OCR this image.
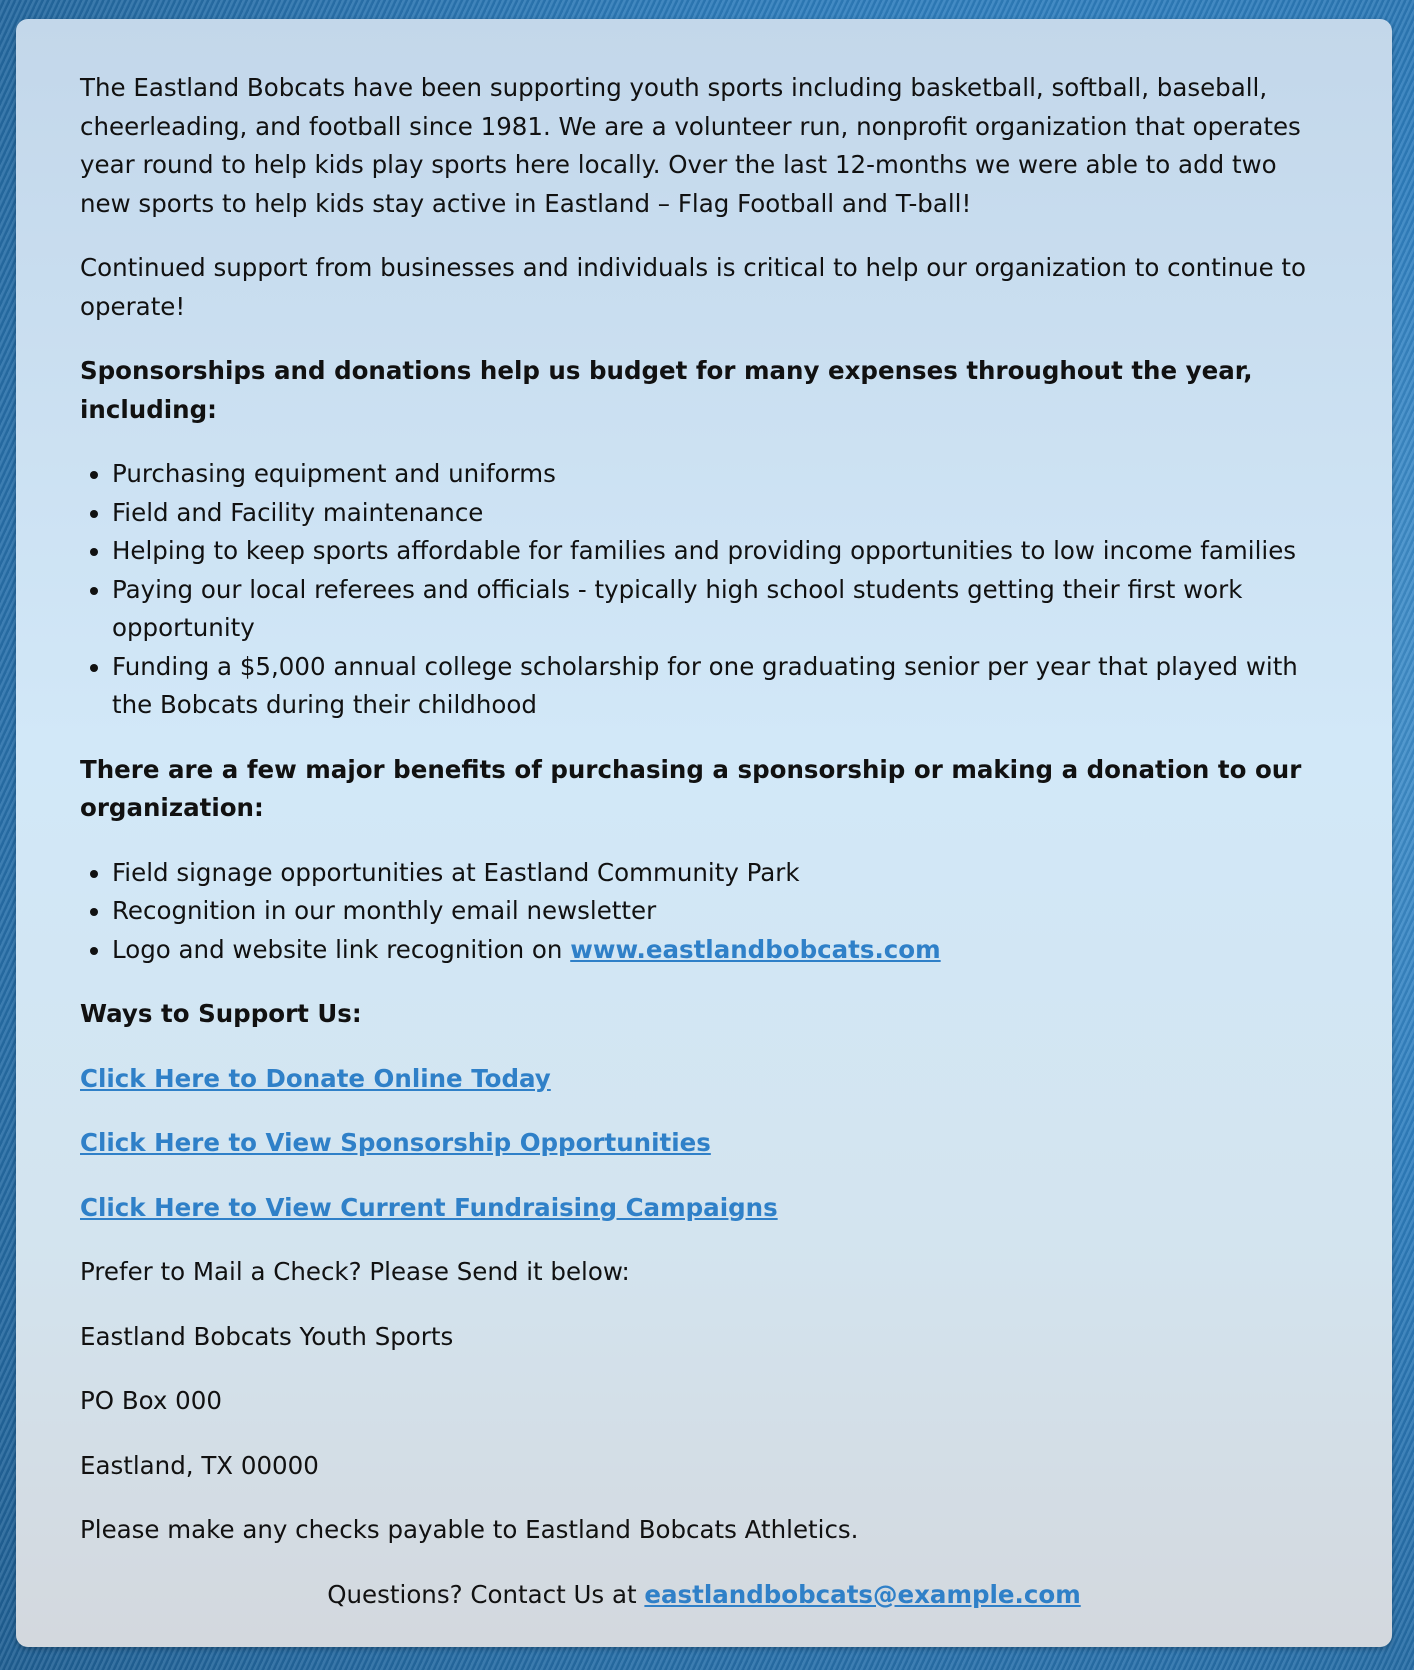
The Eastland Bobcats have been supporting youth sports including basketball, softball, baseball, cheerleading, and football since 1981. We are a volunteer run, nonprofit organization that operates year round to help kids play sports here locally. Over the last 12-months we were able to add two new sports to help kids stay active in Eastland – Flag Football and T-ball!

Continued support from businesses and individuals is critical to help our organization to continue to operate!

Sponsorships and donations help us budget for many expenses throughout the year, including:

• Purchasing equipment and uniforms
• Field and Facility maintenance
• Helping to keep sports affordable for families and providing opportunities to low income families
• Paying our local referees and officials - typically high school students getting their first work opportunity
• Funding a $5,000 annual college scholarship for one graduating senior per year that played with the Bobcats during their childhood

There are a few major benefits of purchasing a sponsorship or making a donation to our organization:

• Field signage opportunities at Eastland Community Park
• Recognition in our monthly email newsletter
• Logo and website link recognition on www.eastlandbobcats.com

Ways to Support Us:

Click Here to Donate Online Today

Click Here to View Sponsorship Opportunities

Click Here to View Current Fundraising Campaigns

Prefer to Mail a Check? Please Send it below:

Eastland Bobcats Youth Sports

PO Box 000

Eastland, TX 00000

Please make any checks payable to Eastland Bobcats Athletics.

Questions? Contact Us at eastlandbobcats@example.com
